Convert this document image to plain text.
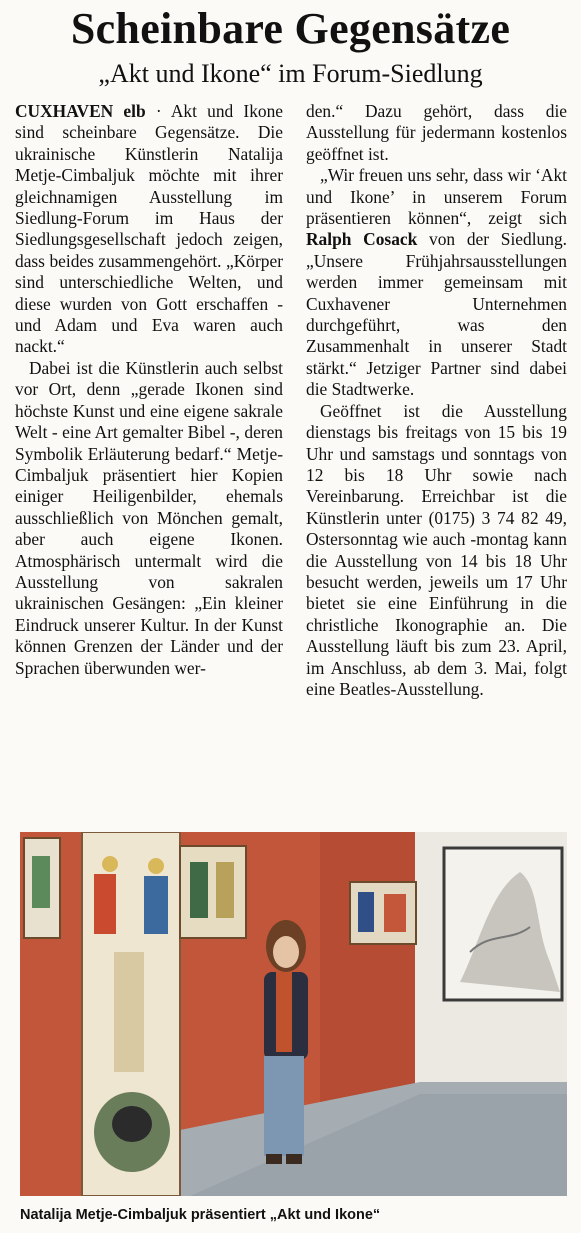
Scheinbare Gegensätze
„Akt und Ikone“ im Forum-Siedlung

CUXHAVEN elb · Akt und Ikone sind scheinbare Gegensätze. Die ukrainische Künstlerin Natalija Metje-Cimbaljuk möchte mit ihrer gleichnamigen Ausstellung im Siedlung-Forum im Haus der Siedlungsgesellschaft jedoch zeigen, dass beides zusammengehört. „Körper sind unterschiedliche Welten, und diese wurden von Gott erschaffen - und Adam und Eva waren auch nackt.“

Dabei ist die Künstlerin auch selbst vor Ort, denn „gerade Ikonen sind höchste Kunst und eine eigene sakrale Welt - eine Art gemalter Bibel -, deren Symbolik Erläuterung bedarf.“ Metje-Cimbaljuk präsentiert hier Kopien einiger Heiligenbilder, ehemals ausschließlich von Mönchen gemalt, aber auch eigene Ikonen. Atmosphärisch untermalt wird die Ausstellung von sakralen ukrainischen Gesängen: „Ein kleiner Eindruck unserer Kultur. In der Kunst können Grenzen der Länder und der Sprachen überwunden wer-

den.“ Dazu gehört, dass die Ausstellung für jedermann kostenlos geöffnet ist.

„Wir freuen uns sehr, dass wir ‘Akt und Ikone’ in unserem Forum präsentieren können“, zeigt sich Ralph Cosack von der Siedlung. „Unsere Frühjahrsausstellungen werden immer gemeinsam mit Cuxhavener Unternehmen durchgeführt, was den Zusammenhalt in unserer Stadt stärkt.“ Jetziger Partner sind dabei die Stadtwerke.

Geöffnet ist die Ausstellung dienstags bis freitags von 15 bis 19 Uhr und samstags und sonntags von 12 bis 18 Uhr sowie nach Vereinbarung. Erreichbar ist die Künstlerin unter (0175) 3 74 82 49, Ostersonntag wie auch -montag kann die Ausstellung von 14 bis 18 Uhr besucht werden, jeweils um 17 Uhr bietet sie eine Einführung in die christliche Ikonographie an. Die Ausstellung läuft bis zum 23. April, im Anschluss, ab dem 3. Mai, folgt eine Beatles-Ausstellung.

Natalija Metje-Cimbaljuk präsentiert „Akt und Ikone“
